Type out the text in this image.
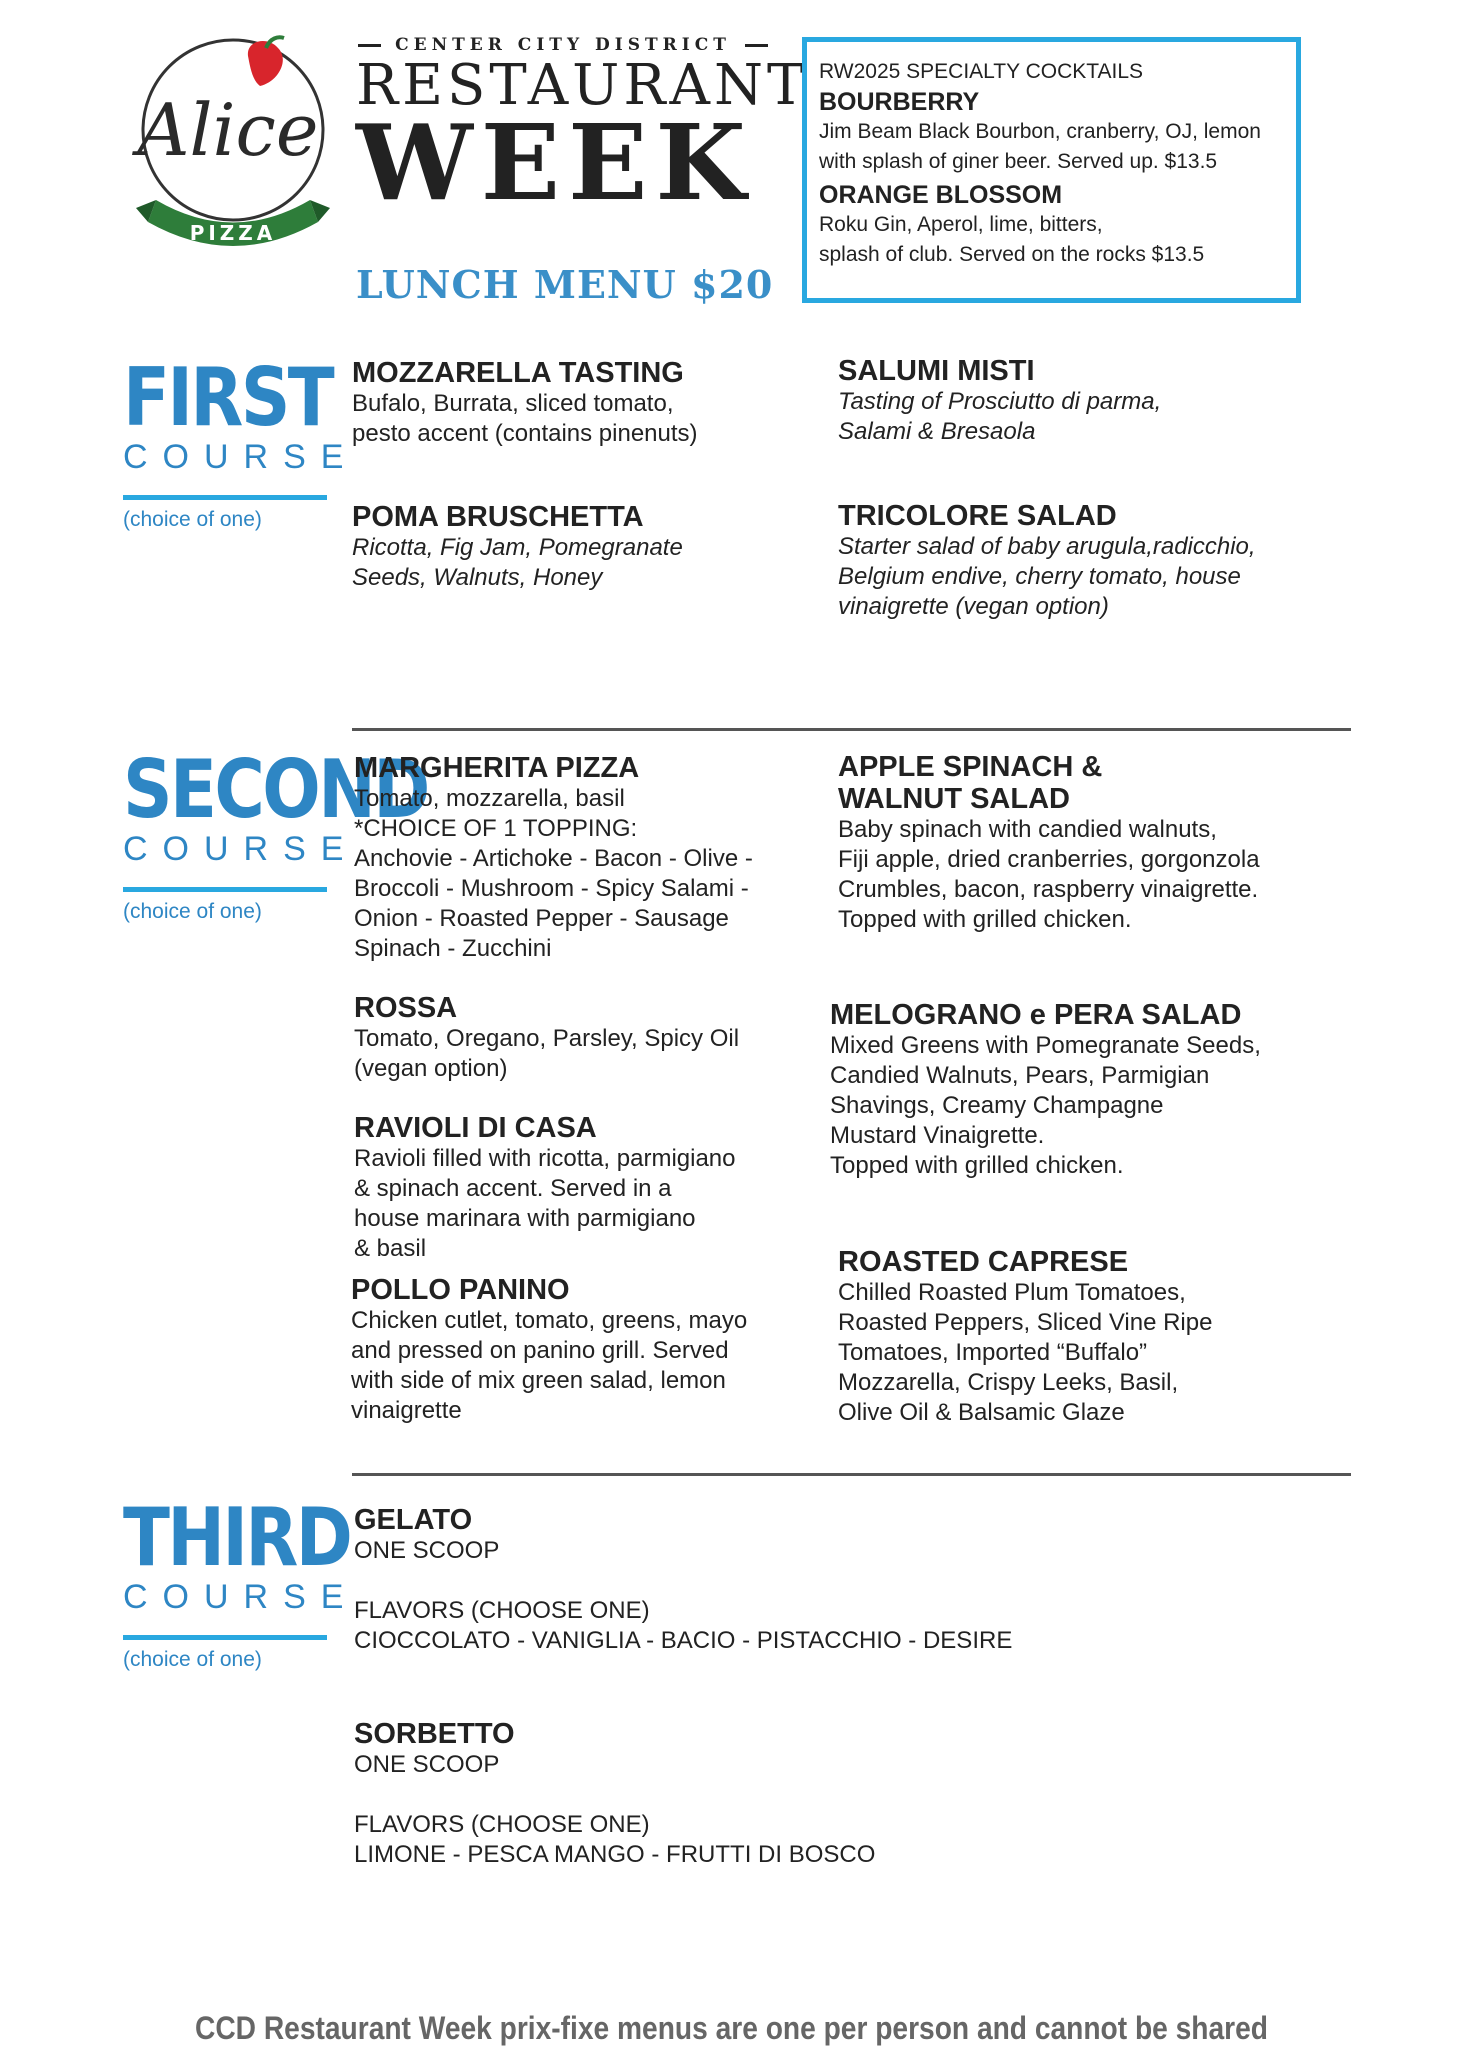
PIZZA
Alice
CENTER CITY DISTRICT
RESTAURANT
WEEK
LUNCH MENU $20
RW2025 SPECIALTY COCKTAILS
BOURBERRY
Jim Beam Black Bourbon, cranberry, OJ, lemon
with splash of giner beer. Served up. $13.5
ORANGE BLOSSOM
Roku Gin, Aperol, lime, bitters,
splash of club. Served on the rocks $13.5
FIRST
COURSE
(choice of one)
MOZZARELLA TASTING
Bufalo, Burrata, sliced tomato,
pesto accent (contains pinenuts)
SALUMI MISTI
Tasting of Prosciutto di parma,
Salami & Bresaola
POMA BRUSCHETTA
Ricotta, Fig Jam, Pomegranate
Seeds, Walnuts, Honey
TRICOLORE SALAD
Starter salad of baby arugula,radicchio,
Belgium endive, cherry tomato, house
vinaigrette (vegan option)
SECOND
COURSE
(choice of one)
MARGHERITA PIZZA
Tomato, mozzarella, basil
*CHOICE OF 1 TOPPING:
Anchovie - Artichoke - Bacon - Olive -
Broccoli - Mushroom - Spicy Salami -
Onion - Roasted Pepper - Sausage
Spinach - Zucchini
APPLE SPINACH &
WALNUT SALAD
Baby spinach with candied walnuts,
Fiji apple, dried cranberries, gorgonzola
Crumbles, bacon, raspberry vinaigrette.
Topped with grilled chicken.
ROSSA
Tomato, Oregano, Parsley, Spicy Oil
(vegan option)
MELOGRANO e PERA SALAD
Mixed Greens with Pomegranate Seeds,
Candied Walnuts, Pears, Parmigian
Shavings, Creamy Champagne
Mustard Vinaigrette.
Topped with grilled chicken.
RAVIOLI DI CASA
Ravioli filled with ricotta, parmigiano
& spinach accent. Served in a
house marinara with parmigiano
& basil
POLLO PANINO
Chicken cutlet, tomato, greens, mayo
and pressed on panino grill. Served
with side of mix green salad, lemon
vinaigrette
ROASTED CAPRESE
Chilled Roasted Plum Tomatoes,
Roasted Peppers, Sliced Vine Ripe
Tomatoes, Imported “Buffalo”
Mozzarella, Crispy Leeks, Basil,
Olive Oil & Balsamic Glaze
THIRD
COURSE
(choice of one)
GELATO
ONE SCOOP
FLAVORS (CHOOSE ONE)
CIOCCOLATO - VANIGLIA - BACIO - PISTACCHIO - DESIRE
SORBETTO
ONE SCOOP
FLAVORS (CHOOSE ONE)
LIMONE - PESCA MANGO - FRUTTI DI BOSCO
CCD Restaurant Week prix-fixe menus are one per person and cannot be shared
